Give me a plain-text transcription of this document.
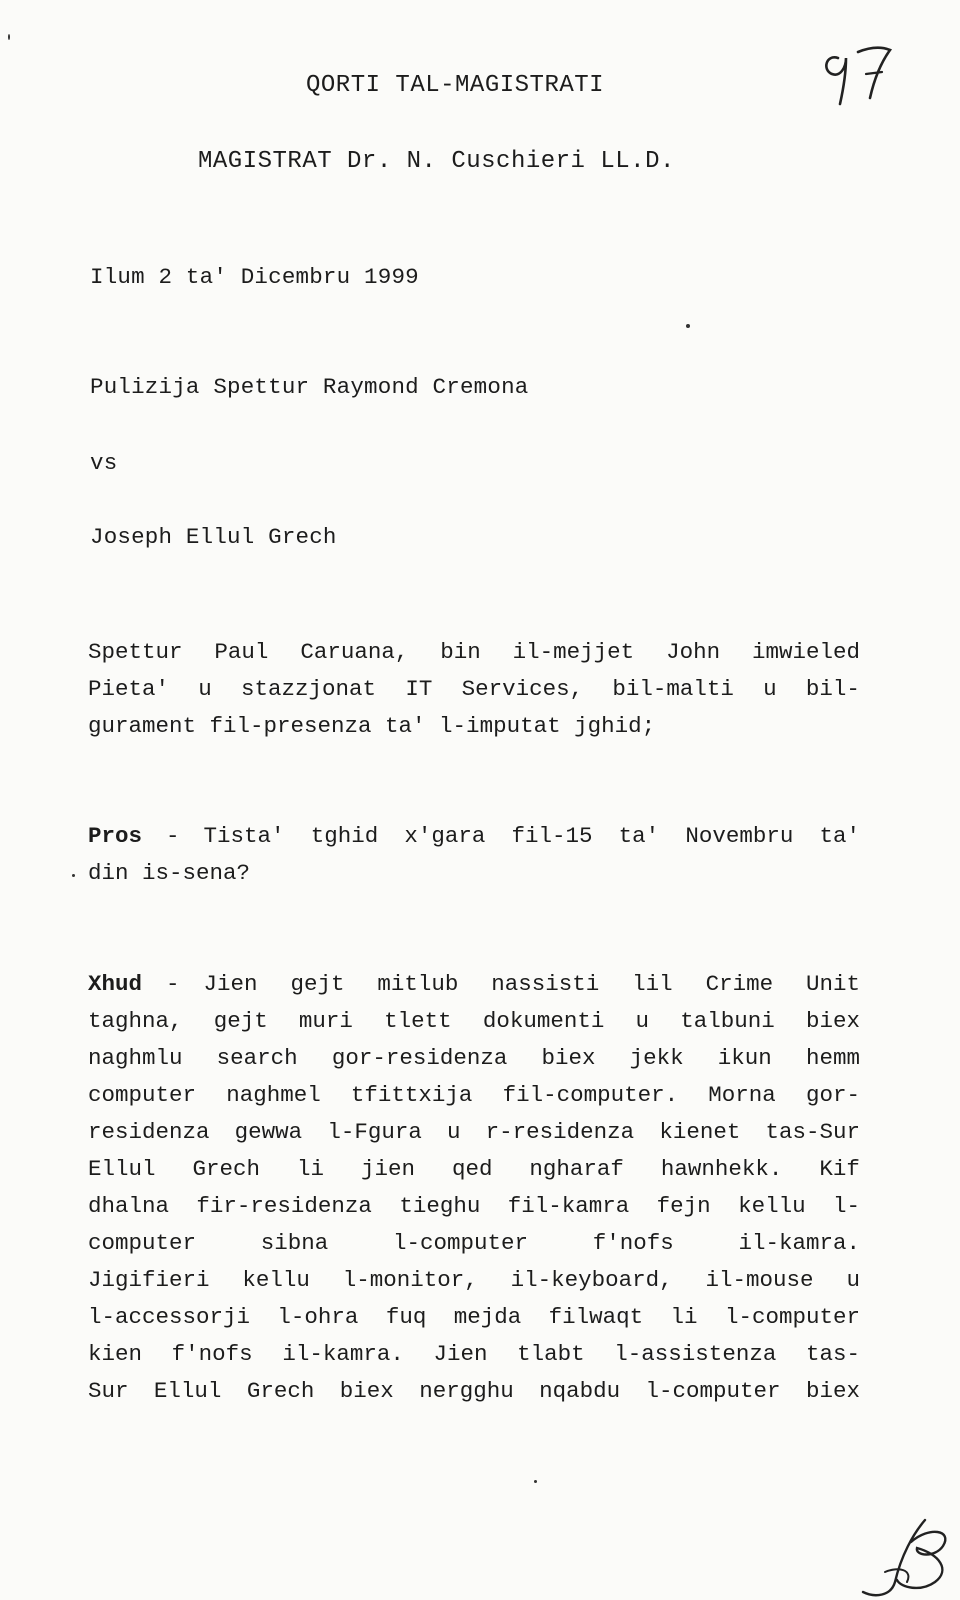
QORTI TAL-MAGISTRATI
MAGISTRAT Dr. N. Cuschieri LL.D.
Ilum 2 ta' Dicembru 1999
Pulizija Spettur Raymond Cremona
vs
Joseph Ellul Grech
Spettur Paul Caruana, bin il-mejjet John imwieled
Pieta' u stazzjonat IT Services, bil-malti u bil-
gurament fil-presenza ta' l-imputat jghid;
Pros -	Tista' tghid x'gara fil-15 ta' Novembru ta'
din is-sena?
Xhud -	Jien gejt mitlub nassisti lil Crime Unit
taghna, gejt muri tlett dokumenti u talbuni biex
naghmlu search gor-residenza biex jekk ikun hemm
computer naghmel tfittxija fil-computer. Morna gor-
residenza gewwa l-Fgura u r-residenza kienet tas-Sur
Ellul Grech li jien qed ngharaf hawnhekk. Kif
dhalna fir-residenza tieghu fil-kamra fejn kellu l-
computer	sibna	l-computer	f'nofs	il-kamra.
Jigifieri kellu l-monitor, il-keyboard, il-mouse u
l-accessorji l-ohra fuq mejda filwaqt li l-computer
kien f'nofs il-kamra. Jien tlabt l-assistenza tas-
Sur Ellul Grech biex nergghu nqabdu l-computer biex
